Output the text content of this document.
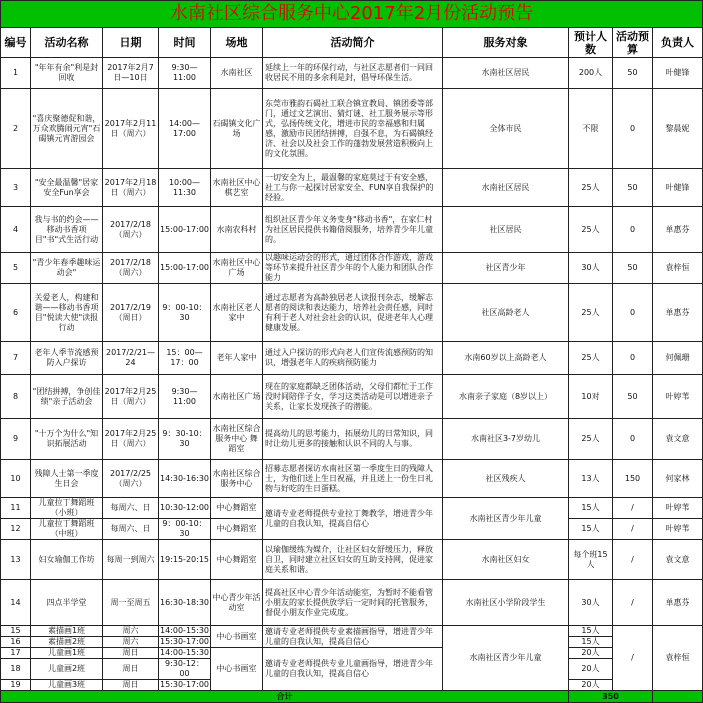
水南社区综合服务中心2017年2月份活动预告									
编号	活动名称	日期	时间	场地	活动简介	服务对象	预计人数	活动预算	负责人
1	"年年有余"利是封回收	2017年2月7日—10日	9:30—11:00	水南社区	延续上一年的环保行动，与社区志愿者们一同回收居民不用的多余利是封，倡导环保生活。	水南社区居民	200人	50	叶健锋
2	"喜庆聚德促和谐，万众欢腾闹元宵"石碣镇元宵游园会	2017年2月11日（周六）	14:00—17:00	石碣镇文化广场	东莞市雅韵石碣社工联合镇宣教局、镇团委等部门，通过文艺演出、猜灯谜、社工服务展示等形式，弘扬传统文化，增进市民的幸福感和归属感，激励市民团结拼搏，自强不息，为石碣镇经济、社会以及社会工作的蓬勃发展营造积极向上的文化氛围。	全体市民	不限	0	黎晨妮
3	"安全最温馨"居家安全Fun享会	2017年2月18日（周六）	10:00—11:30	水南社区中心 棋艺室	一切安全为上，最温馨的家庭莫过于有安全感，社工与你一起探讨居家安全、FUN享自我保护的经验。	水南社区居民	25人	50	叶健锋
4	我与书的约会——移动书香项目"书"式生活行动	2017/2/18（周六）	15:00-17:00	水南农科村	组织社区青少年义务变身"移动书香"，在家仁村为社区居民提供书籍借阅服务，培养青少年儿童的。	社区居民	25人	0	单惠芬
5	"青少年春季趣味运动会"	2017/2/18（周六）	15:00-17:00	水南社区中心广场	以趣味运动会的形式，通过团体合作游戏，游戏等环节来提升社区青少年的个人能力和团队合作能力	社区青少年	30人	50	袁梓恒
6	关爱老人，构建和谐——移动书香项目"悦读大使"读报行动	2017/2/19（周日）	9：00-10：30	水南社区老人家中	通过志愿者为高龄独居老人读报刊杂志，缓解志愿者的阅读和表达能力，培养社会责任感，同时有利于老人对社会社会的认识，促进老年人心理健康发展。	社区高龄老人	25人	0	单惠芬
7	老年人季节流感预防入户探访	2017/2/21—24	15：00—17：00	老年人家中	通过入户探访的形式向老人们宣传流感预防的知识，增强老年人的疾病预防能力	水南60岁以上高龄老人	25人	0	何佩珊
8	"团结拼搏，争创佳绩"亲子活动会	2017年2月25日（周六）	9:30—11:00	水南社区广场	现在的家庭都缺乏团体活动，父母们都忙于工作没时间陪伴子女，学习这类活动是可以增进亲子关系，让家长发现孩子的潜能。	水南亲子家庭（8岁以上）	10对	50	叶婷苇
9	"十万个为什么"知识拓展活动	2017年2月25日（周六）	9：30-10：30	水南社区综合服务中心 舞蹈室	提高幼儿的思考能力，拓展幼儿的日常知识，同时让幼儿更多的接触和认识不同的人与事。	水南社区3-7岁幼儿	25人	0	袁文意
10	残障人士第一季度生日会	2017/2/25（周六）	14:30-16:30	水南社区综合服务中心	招募志愿者探访水南社区第一季度生日的残障人士，为他们送上生日祝福，并且送上一份生日礼物与好吃的生日蛋糕。	社区残疾人	13人	150	何家林
11	儿童拉丁舞蹈班（小班）	每周六、日	10:30-12:00	中心舞蹈室	邀请专业老师提供专业拉丁舞教学，增进青少年儿童的自我认知，提高自信心	水南社区青少年儿童	15人	/	叶婷苇
12	儿童拉丁舞蹈班（中班）	每周六、日	9：00-10：30	中心舞蹈室			15人	/	叶婷苇
13	妇女瑜伽工作坊	每周一到周六	19:15-20:15	中心舞蹈室	以瑜伽缓练为媒介，让社区妇女舒缓压力，释放自卫，同时建立社区妇女的互助支持网，促进家庭关系和谐。	水南社区妇女	每个班15人	/	袁文意
14	四点半学堂	周一至周五	16:30-18:30	中心青少年活动室	提高社区中心青少年活动能室，为暂时不能看管小朋友的家长提供放学后一定时间的托管服务，督促小朋友作业完成度。	水南社区小学阶段学生	30人	/	单惠芬
15	素描画1班	周六	14:00-15:30	中心书画室	邀请专业老师提供专业素描画指导，增进青少年儿童的自我认知，提高自信心	水南社区青少年儿童	15人	/	袁梓恒
16	素描画2班	周六	15:30-17:00				15人		
17	儿童画1班	周日	14:00-15:30	中心书画室	邀请专业老师提供专业儿童画指导，增进青少年儿童的自我认知，提高自信心		20人		
18	儿童画2班	周日	9:30-12：00				20人		
19	儿童画3班	周日	15:30-17:00				20人		
合计							350		
